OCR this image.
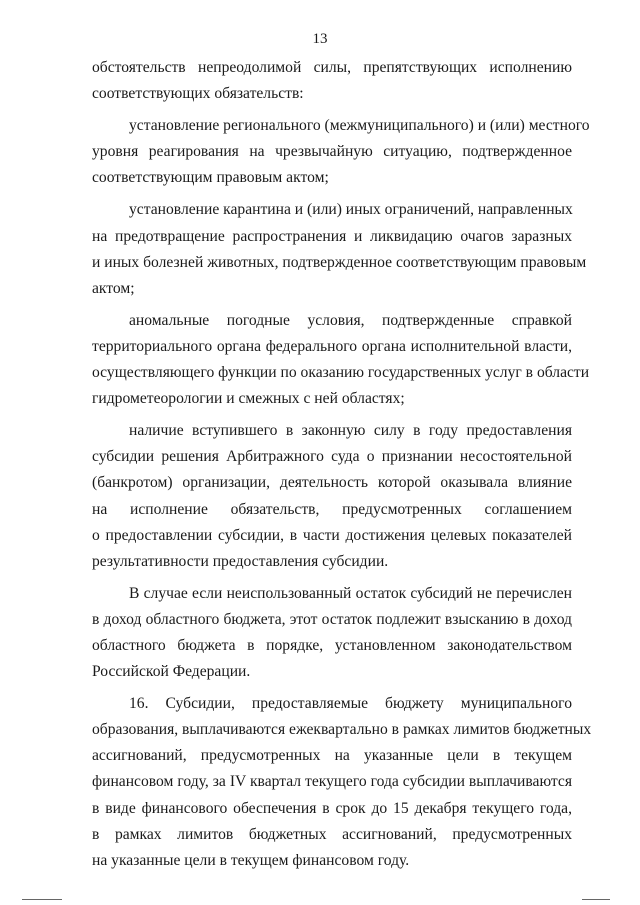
13
обстоятельств непреодолимой силы, препятствующих исполнению
соответствующих обязательств:
установление регионального (межмуниципального) и (или) местного
уровня реагирования на чрезвычайную ситуацию, подтвержденное
соответствующим правовым актом;
установление карантина и (или) иных ограничений, направленных
на предотвращение распространения и ликвидацию очагов заразных
и иных болезней животных, подтвержденное соответствующим правовым
актом;
аномальные погодные условия, подтвержденные справкой
территориального органа федерального органа исполнительной власти,
осуществляющего функции по оказанию государственных услуг в области
гидрометеорологии и смежных с ней областях;
наличие вступившего в законную силу в году предоставления
субсидии решения Арбитражного суда о признании несостоятельной
(банкротом) организации, деятельность которой оказывала влияние
на исполнение обязательств, предусмотренных соглашением
о предоставлении субсидии, в части достижения целевых показателей
результативности предоставления субсидии.
В случае если неиспользованный остаток субсидий не перечислен
в доход областного бюджета, этот остаток подлежит взысканию в доход
областного бюджета в порядке, установленном законодательством
Российской Федерации.
16. Субсидии, предоставляемые бюджету муниципального
образования, выплачиваются ежеквартально в рамках лимитов бюджетных
ассигнований, предусмотренных на указанные цели в текущем
финансовом году, за IV квартал текущего года субсидии выплачиваются
в виде финансового обеспечения в срок до 15 декабря текущего года,
в рамках лимитов бюджетных ассигнований, предусмотренных
на указанные цели в текущем финансовом году.
